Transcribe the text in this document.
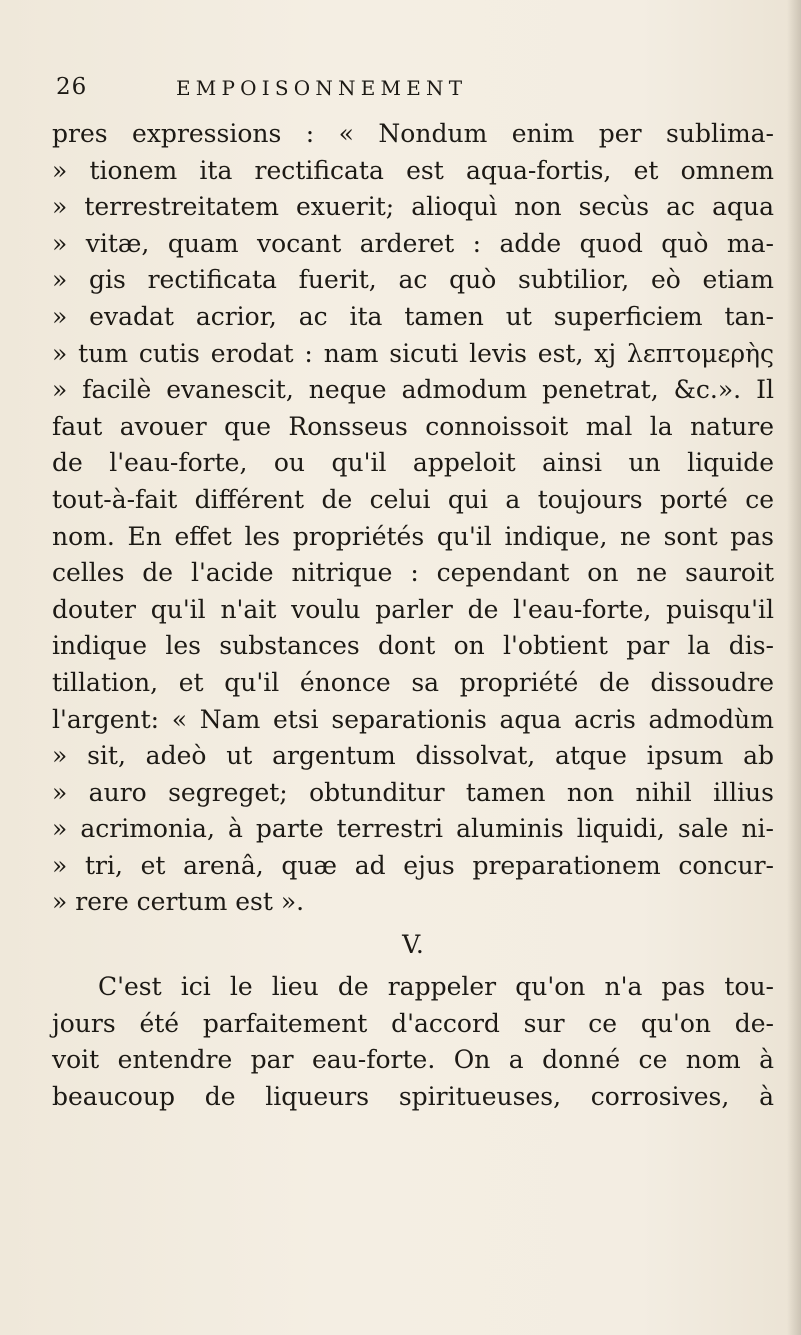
26	EMPOISONNEMENT
pres expressions : « Nondum enim per sublima-
» tionem ita rectificata est aqua-fortis, et omnem
» terrestreitatem exuerit; alioquì non secùs ac aqua
» vitæ, quam vocant arderet : adde quod quò ma-
» gis rectificata fuerit, ac quò subtilior, eò etiam
» evadat acrior, ac ita tamen ut superficiem tan-
» tum cutis erodat : nam sicuti levis est, xj λεπτομερὴς
» facilè evanescit, neque admodum penetrat, &c.». Il
faut avouer que Ronsseus connoissoit mal la nature
de l'eau-forte, ou qu'il appeloit ainsi un liquide
tout-à-fait différent de celui qui a toujours porté ce
nom. En effet les propriétés qu'il indique, ne sont pas
celles de l'acide nitrique : cependant on ne sauroit
douter qu'il n'ait voulu parler de l'eau-forte, puisqu'il
indique les substances dont on l'obtient par la dis-
tillation, et qu'il énonce sa propriété de dissoudre
l'argent: « Nam etsi separationis aqua acris admodùm
» sit, adeò ut argentum dissolvat, atque ipsum ab
» auro segreget; obtunditur tamen non nihil illius
» acrimonia, à parte terrestri aluminis liquidi, sale ni-
» tri, et arenâ, quæ ad ejus preparationem concur-
» rere certum est ».
V.
C'est ici le lieu de rappeler qu'on n'a pas tou-
jours été parfaitement d'accord sur ce qu'on de-
voit entendre par eau-forte. On a donné ce nom à
beaucoup de liqueurs spiritueuses, corrosives, à
